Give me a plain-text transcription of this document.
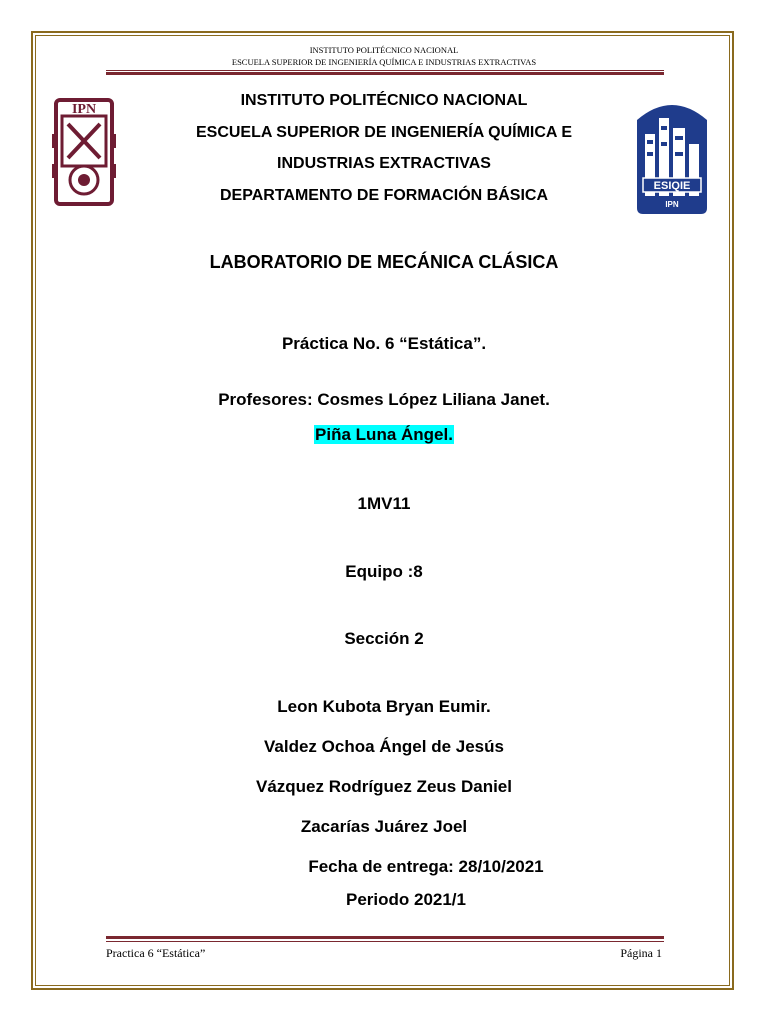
INSTITUTO POLITÉCNICO NACIONAL
ESCUELA SUPERIOR DE INGENIERÍA QUÍMICA E INDUSTRIAS EXTRACTIVAS
IPN
ESIQIE
IPN
INSTITUTO POLITÉCNICO NACIONAL
ESCUELA SUPERIOR DE INGENIERÍA QUÍMICA E
INDUSTRIAS EXTRACTIVAS
DEPARTAMENTO DE FORMACIÓN BÁSICA
LABORATORIO DE MECÁNICA CLÁSICA
Práctica No. 6 “Estática”.
Profesores: Cosmes López Liliana Janet.
Piña Luna Ángel.
1MV11
Equipo :8
Sección 2
Leon Kubota Bryan Eumir.
Valdez Ochoa Ángel de Jesús
Vázquez Rodríguez Zeus Daniel
Zacarías Juárez Joel
Fecha de entrega: 28/10/2021
Periodo 2021/1
Practica 6 “Estática”	Página 1
